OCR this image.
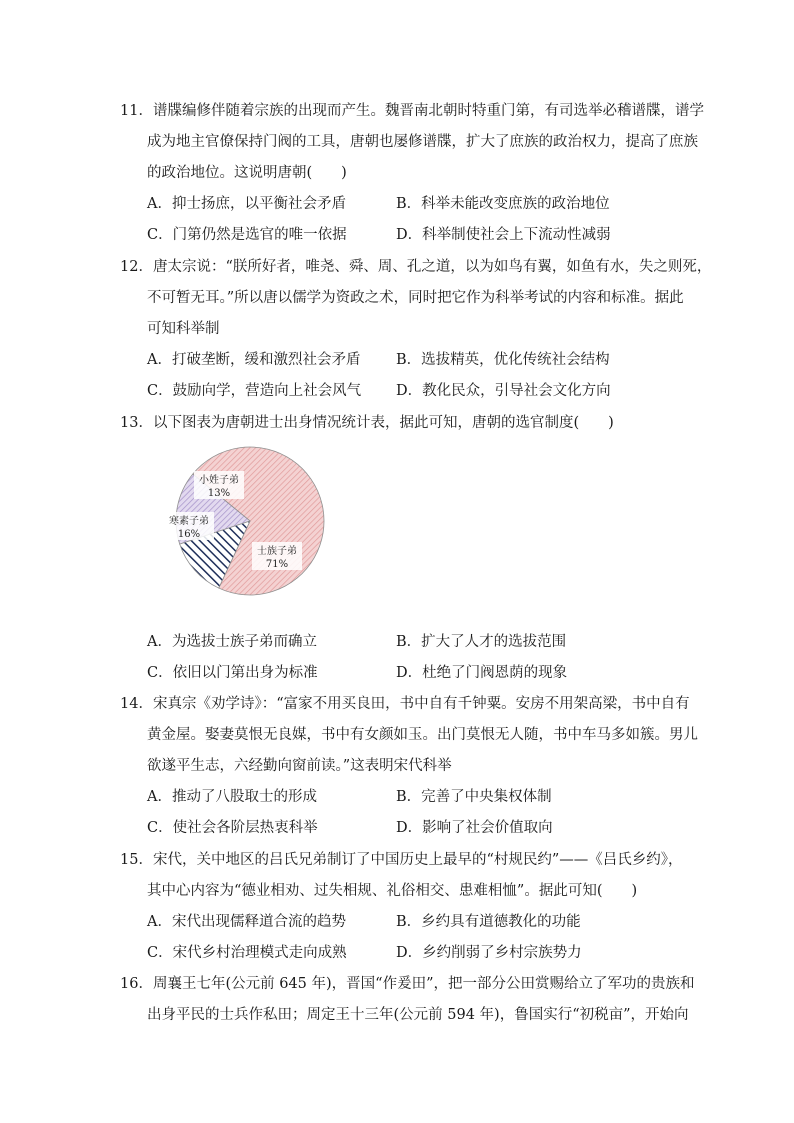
11．谱牒编修伴随着宗族的出现而产生。魏晋南北朝时特重门第，有司选举必稽谱牒，谱学
成为地主官僚保持门阀的工具，唐朝也屡修谱牒，扩大了庶族的政治权力，提高了庶族
的政治地位。这说明唐朝(　　)
A．抑士扬庶，以平衡社会矛盾	B．科举未能改变庶族的政治地位
C．门第仍然是选官的唯一依据	D．科举制使社会上下流动性减弱
12．唐太宗说：“朕所好者，唯尧、舜、周、孔之道，以为如鸟有翼，如鱼有水，失之则死，
不可暂无耳。”所以唐以儒学为资政之术，同时把它作为科举考试的内容和标准。据此
可知科举制
A．打破垄断，缓和激烈社会矛盾 B．选拔精英，优化传统社会结构
C．鼓励向学，营造向上社会风气 D．教化民众，引导社会文化方向
13．以下图表为唐朝进士出身情况统计表，据此可知，唐朝的选官制度(　　)
士族子弟
71%
寒素子弟
16%
小姓子弟
13%
A．为选拔士族子弟而确立	B．扩大了人才的选拔范围
C．依旧以门第出身为标准	D．杜绝了门阀恩荫的现象
14．宋真宗《劝学诗》：“富家不用买良田，书中自有千钟粟。安房不用架高梁，书中自有
黄金屋。娶妻莫恨无良媒，书中有女颜如玉。出门莫恨无人随，书中车马多如簇。男儿
欲遂平生志，六经勤向窗前读。”这表明宋代科举
A．推动了八股取士的形成	B．完善了中央集权体制
C．使社会各阶层热衷科举	D．影响了社会价值取向
15．宋代，关中地区的吕氏兄弟制订了中国历史上最早的“村规民约”——《吕氏乡约》，
其中心内容为“德业相劝、过失相规、礼俗相交、患难相恤”。据此可知(　　)
A．宋代出现儒释道合流的趋势	B．乡约具有道德教化的功能
C．宋代乡村治理模式走向成熟	D．乡约削弱了乡村宗族势力
16．周襄王七年(公元前 645 年)，晋国“作爰田”，把一部分公田赏赐给立了军功的贵族和
出身平民的士兵作私田；周定王十三年(公元前 594 年)，鲁国实行“初税亩”，开始向
